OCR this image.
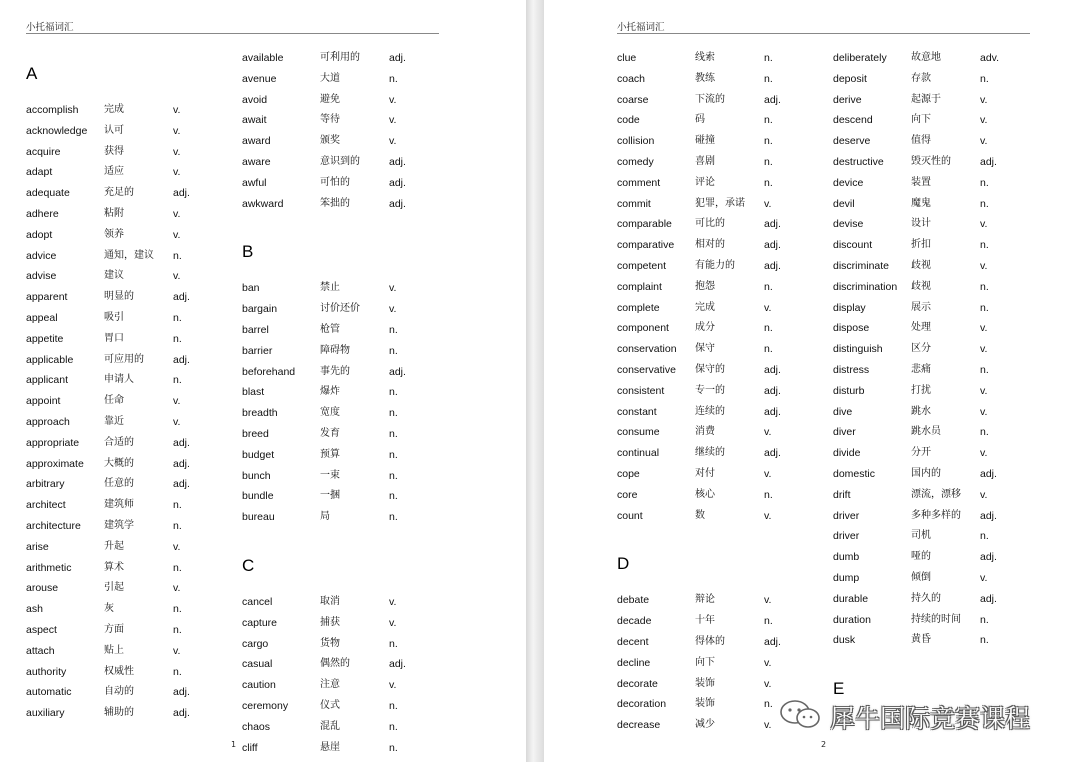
小托福词汇
A
accomplish	完成	v.
acknowledge 认可	v.
acquire	获得	v.
adapt	适应	v.
adequate	充足的	adj.
adhere	粘附	v.
adopt	领养	v.
advice	通知，建议 n.
advise	建议	v.
apparent	明显的	adj.
appeal	吸引	n.
appetite	胃口	n.
applicable	可应用的	adj.
applicant	申请人	n.
appoint	任命	v.
approach	靠近	v.
appropriate 合适的	adj.
approximate 大概的	adj.
arbitrary	任意的	adj.
architect	建筑师	n.
architecture 建筑学	n.
arise	升起	v.
arithmetic	算术	n.
arouse	引起	v.
ash	灰	n.
aspect	方面	n.
attach	贴上	v.
authority	权威性	n.
automatic	自动的	adj.
auxiliary	辅助的	adj.
available	可利用的	adj.
avenue	大道	n.
avoid	避免	v.
await	等待	v.
award	颁奖	v.
aware	意识到的	adj.
awful	可怕的	adj.
awkward	笨拙的	adj.
B
ban	禁止	v.
bargain	讨价还价	v.
barrel	枪管	n.
barrier	障碍物	n.
beforehand 事先的	adj.
blast	爆炸	n.
breadth	宽度	n.
breed	发育	n.
budget	预算	n.
bunch	一束	n.
bundle	一捆	n.
bureau	局	n.
C
cancel	取消	v.
capture	捕获	v.
cargo	货物	n.
casual	偶然的	adj.
caution	注意	v.
ceremony	仪式	n.
chaos	混乱	n.
cliff	悬崖	n.
1
小托福词汇
clue	线索	n.
coach	教练	n.
coarse	下流的	adj.
code	码	n.
collision	碰撞	n.
comedy	喜剧	n.
comment	评论	n.
commit	犯罪，承诺 v.
comparable 可比的	adj.
comparative 相对的	adj.
competent	有能力的	adj.
complaint	抱怨	n.
complete	完成	v.
component	成分	n.
conservation 保守	n.
conservative 保守的	adj.
consistent	专一的	adj.
constant	连续的	adj.
consume	消费	v.
continual	继续的	adj.
cope	对付	v.
core	核心	n.
count	数	v.
D
debate	辩论	v.
decade	十年	n.
decent	得体的	adj.
decline	向下	v.
decorate	装饰	v.
decoration	装饰	n.
decrease	减少	v.
deliberately 故意地	adv.
deposit	存款	n.
derive	起源于	v.
descend	向下	v.
deserve	值得	v.
destructive	毁灭性的	adj.
device	装置	n.
devil	魔鬼	n.
devise	设计	v.
discount	折扣	n.
discriminate 歧视	v.
discrimination 歧视	n.
display	展示	n.
dispose	处理	v.
distinguish	区分	v.
distress	悲痛	n.
disturb	打扰	v.
dive	跳水	v.
diver	跳水员	n.
divide	分开	v.
domestic	国内的	adj.
drift	漂流，漂移 v.
driver	多种多样的 adj.
driver	司机	n.
dumb	哑的	adj.
dump	倾倒	v.
durable	持久的	adj.
duration	持续的时间 n.
dusk	黄昏	n.
E
2
犀牛国际竞赛课程
